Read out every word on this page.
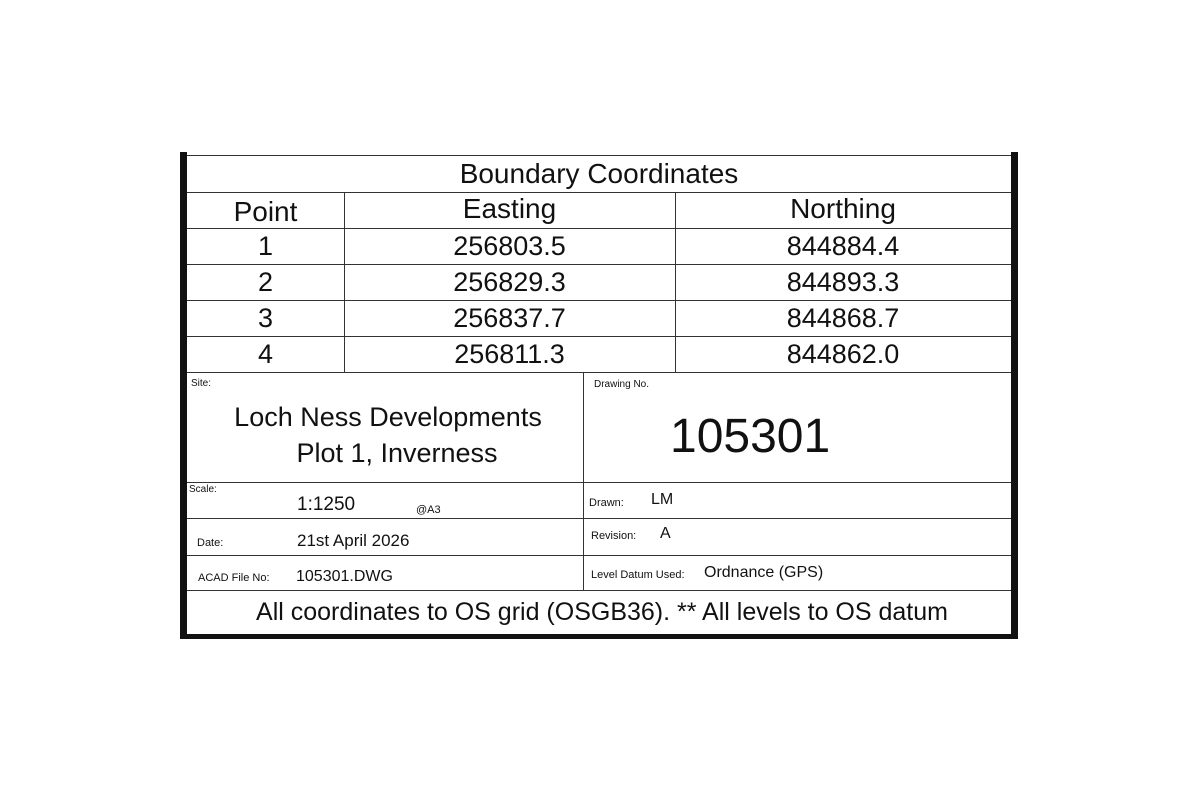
Boundary Coordinates
Point	Easting	Northing
1	256803.5	844884.4
2	256829.3	844893.3
3	256837.7	844868.7
4	256811.3	844862.0
Site:
Loch Ness Developments
Plot 1, Inverness
Drawing No.
105301
Scale:
1:1250	@A3
Drawn: LM
Date:	21st April 2026	Revision: A
ACAD File No: 105301.DWG	Level Datum Used: Ordnance (GPS)
All coordinates to OS grid (OSGB36). ** All levels to OS datum
